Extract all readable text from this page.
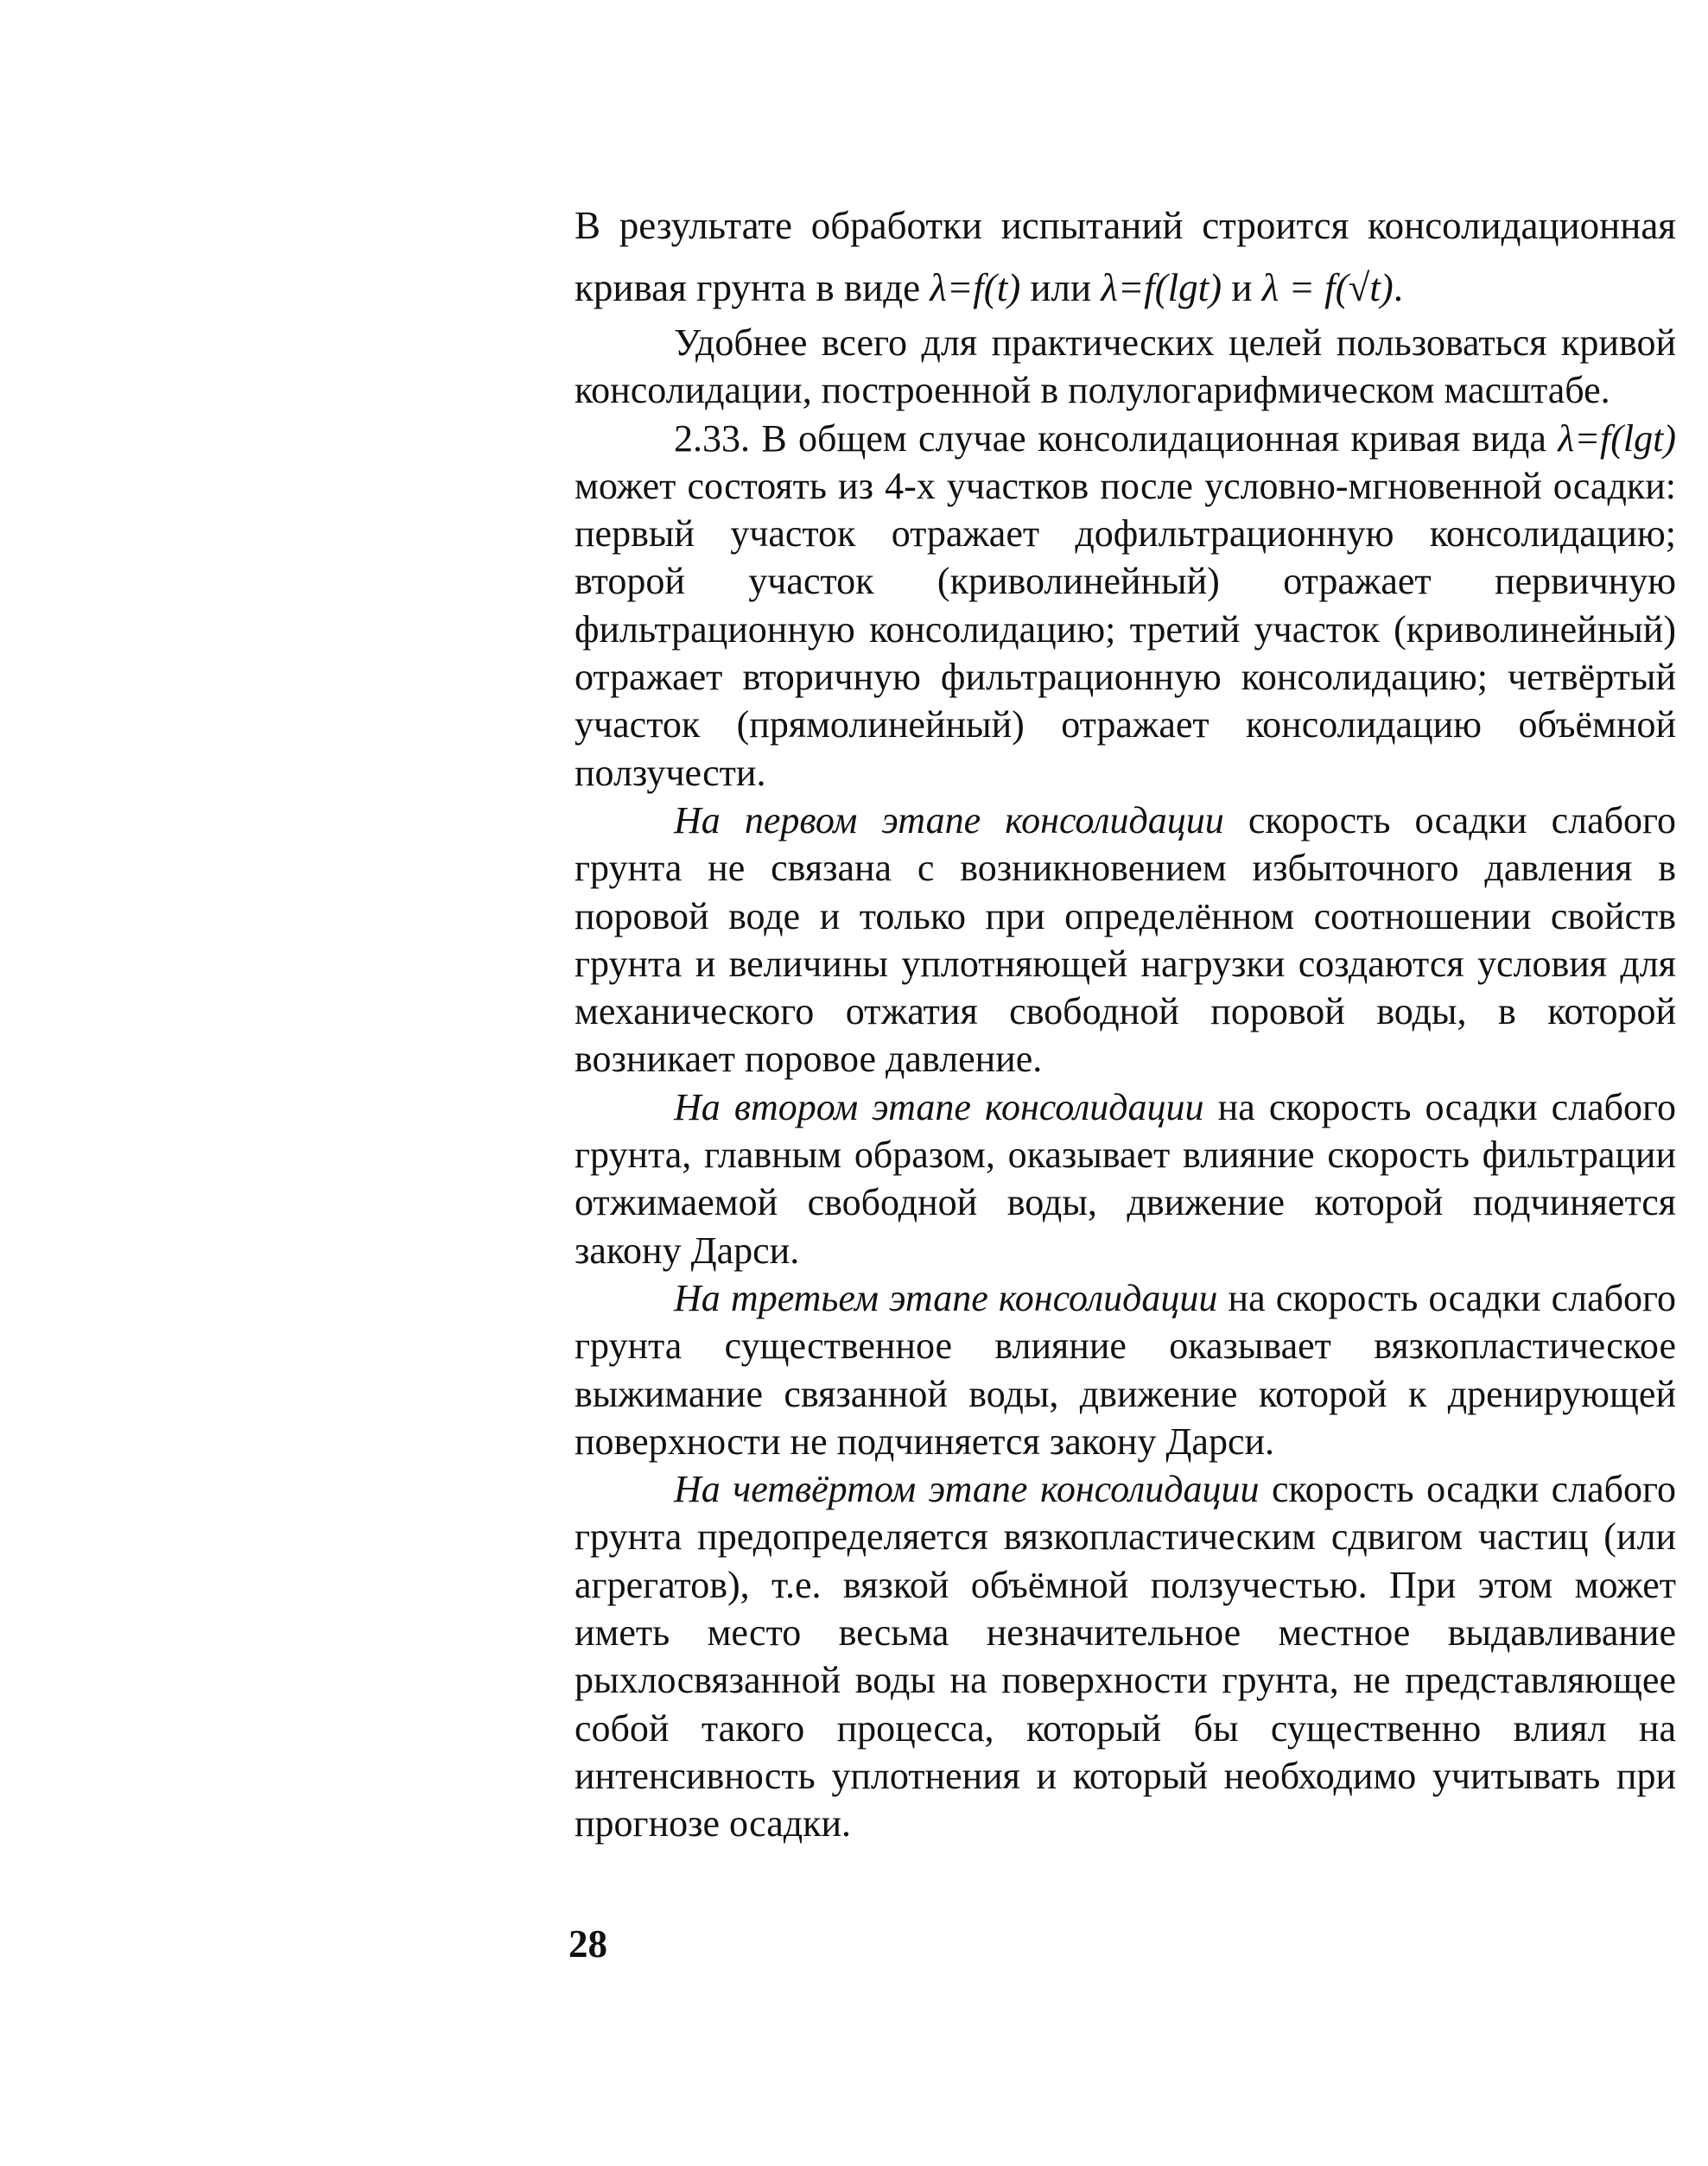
В результате обработки испытаний строится консолидационная кривая грунта в виде λ=f(t) или λ=f(lgt) и λ = f(√t).

Удобнее всего для практических целей пользоваться кривой консолидации, построенной в полулогарифмическом масштабе.

2.33. В общем случае консолидационная кривая вида λ=f(lgt) может состоять из 4-х участков после условно-мгновенной осадки: первый участок отражает дофильтрационную консолидацию; второй участок (криволинейный) отражает первичную фильтрационную консолидацию; третий участок (криволинейный) отражает вторичную фильтрационную консолидацию; четвёртый участок (прямолинейный) отражает консолидацию объёмной ползучести.

На первом этапе консолидации скорость осадки слабого грунта не связана с возникновением избыточного давления в поровой воде и только при определённом соотношении свойств грунта и величины уплотняющей нагрузки создаются условия для механического отжатия свободной поровой воды, в которой возникает поровое давление.

На втором этапе консолидации на скорость осадки слабого грунта, главным образом, оказывает влияние скорость фильтрации отжимаемой свободной воды, движение которой подчиняется закону Дарси.

На третьем этапе консолидации на скорость осадки слабого грунта существенное влияние оказывает вязкопластическое выжимание связанной воды, движение которой к дренирующей поверхности не подчиняется закону Дарси.

На четвёртом этапе консолидации скорость осадки слабого грунта предопределяется вязкопластическим сдвигом частиц (или агрегатов), т.е. вязкой объёмной ползучестью. При этом может иметь место весьма незначительное местное выдавливание рыхлосвязанной воды на поверхности грунта, не представляющее собой такого процесса, который бы существенно влиял на интенсивность уплотнения и который необходимо учитывать при прогнозе осадки.

28
